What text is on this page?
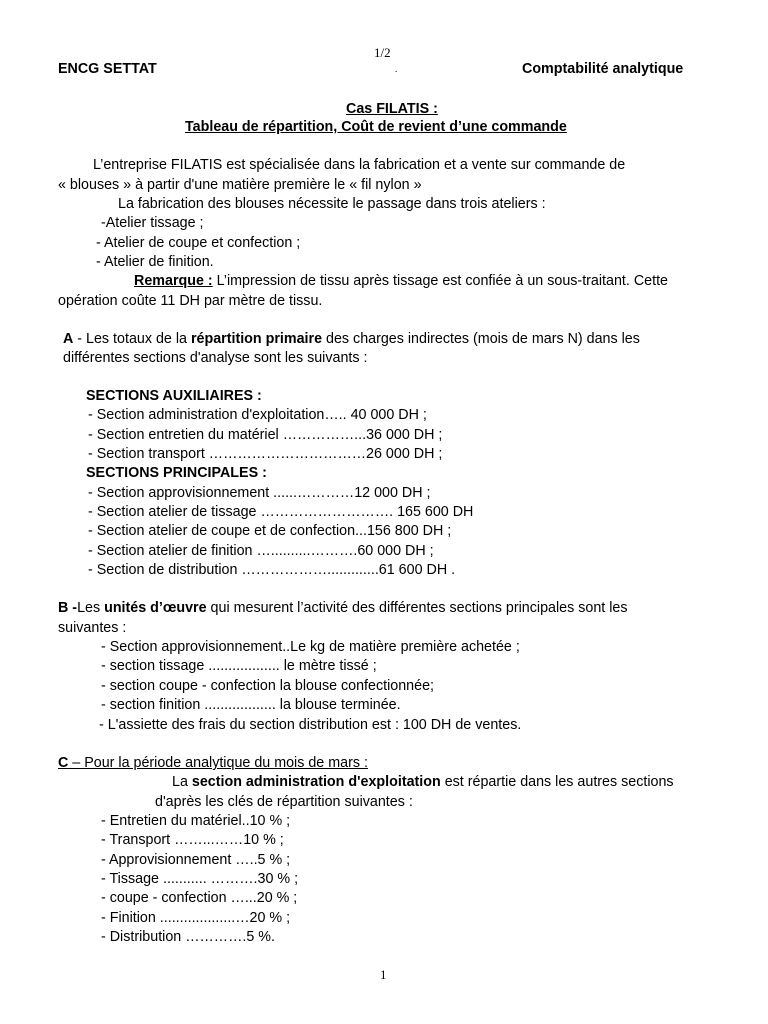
1/2
ENCG SETTAT	.	Comptabilité analytique
Cas FILATIS :
Tableau de répartition, Coût de revient d’une commande
L’entreprise FILATIS est spécialisée dans la fabrication et a vente sur commande de
« blouses » à partir d'une matière première le « fil nylon »
La fabrication des blouses nécessite le passage dans trois ateliers :
-Atelier tissage ;
- Atelier de coupe et confection ;
- Atelier de finition.
Remarque : L’impression de tissu après tissage est confiée à un sous-traitant. Cette
opération coûte 11 DH par mètre de tissu.
A - Les totaux de la répartition primaire des charges indirectes (mois de mars N) dans les
différentes sections d'analyse sont les suivants :
SECTIONS AUXILIAIRES :
- Section administration d'exploitation….. 40 000 DH ;
- Section entretien du matériel ……………...36 000 DH ;
- Section transport ……………………………26 000 DH ;
SECTIONS PRINCIPALES :
- Section approvisionnement ......…………12 000 DH ;
- Section atelier de tissage ………………………. 165 600 DH
- Section atelier de coupe et de confection...156 800 DH ;
- Section atelier de finition …..........……….60 000 DH ;
- Section de distribution ……………….............61 600 DH .
B -Les unités d’œuvre qui mesurent l’activité des différentes sections principales sont les
suivantes :
- Section approvisionnement..Le kg de matière première achetée ;
- section tissage .................. le mètre tissé ;
- section coupe - confection la blouse confectionnée;
- section finition .................. la blouse terminée.
- L'assiette des frais du section distribution est : 100 DH de ventes.
C – Pour la période analytique du mois de mars :
La section administration d'exploitation est répartie dans les autres sections
d'après les clés de répartition suivantes :
- Entretien du matériel..10 % ;
- Transport ……...……10 % ;
- Approvisionnement …..5 % ;
- Tissage ........... ……….30 % ;
- coupe - confection …...20 % ;
- Finition ...................…20 % ;
- Distribution ………….5 %.
1
